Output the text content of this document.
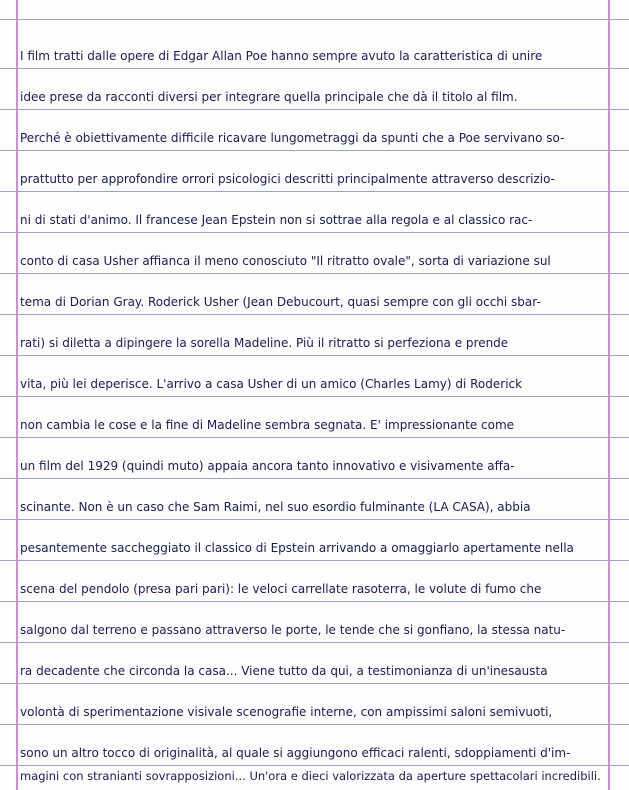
I film tratti dalle opere di Edgar Allan Poe hanno sempre avuto la caratteristica di unire
idee prese da racconti diversi per integrare quella principale che dà il titolo al film.
Perché è obiettivamente difficile ricavare lungometraggi da spunti che a Poe servivano so-
prattutto per approfondire orrori psicologici descritti principalmente attraverso descrizio-
ni di stati d'animo. Il francese Jean Epstein non si sottrae alla regola e al classico rac-
conto di casa Usher affianca il meno conosciuto "Il ritratto ovale", sorta di variazione sul
tema di Dorian Gray. Roderick Usher (Jean Debucourt, quasi sempre con gli occhi sbar-
rati) si diletta a dipingere la sorella Madeline. Più il ritratto si perfeziona e prende
vita, più lei deperisce. L'arrivo a casa Usher di un amico (Charles Lamy) di Roderick
non cambia le cose e la fine di Madeline sembra segnata. E' impressionante come
un film del 1929 (quindi muto) appaia ancora tanto innovativo e visivamente affa-
scinante. Non è un caso che Sam Raimi, nel suo esordio fulminante (LA CASA), abbia
pesantemente saccheggiato il classico di Epstein arrivando a omaggiarlo apertamente nella
scena del pendolo (presa pari pari): le veloci carrellate rasoterra, le volute di fumo che
salgono dal terreno e passano attraverso le porte, le tende che si gonfiano, la stessa natu-
ra decadente che circonda la casa... Viene tutto da qui, a testimonianza di un'inesausta
volontà di sperimentazione visivale scenografie interne, con ampissimi saloni semivuoti,
sono un altro tocco di originalità, al quale si aggiungono efficaci ralenti, sdoppiamenti d'im-
magini con stranianti sovrapposizioni... Un'ora e dieci valorizzata da aperture spettacolari incredibili.
